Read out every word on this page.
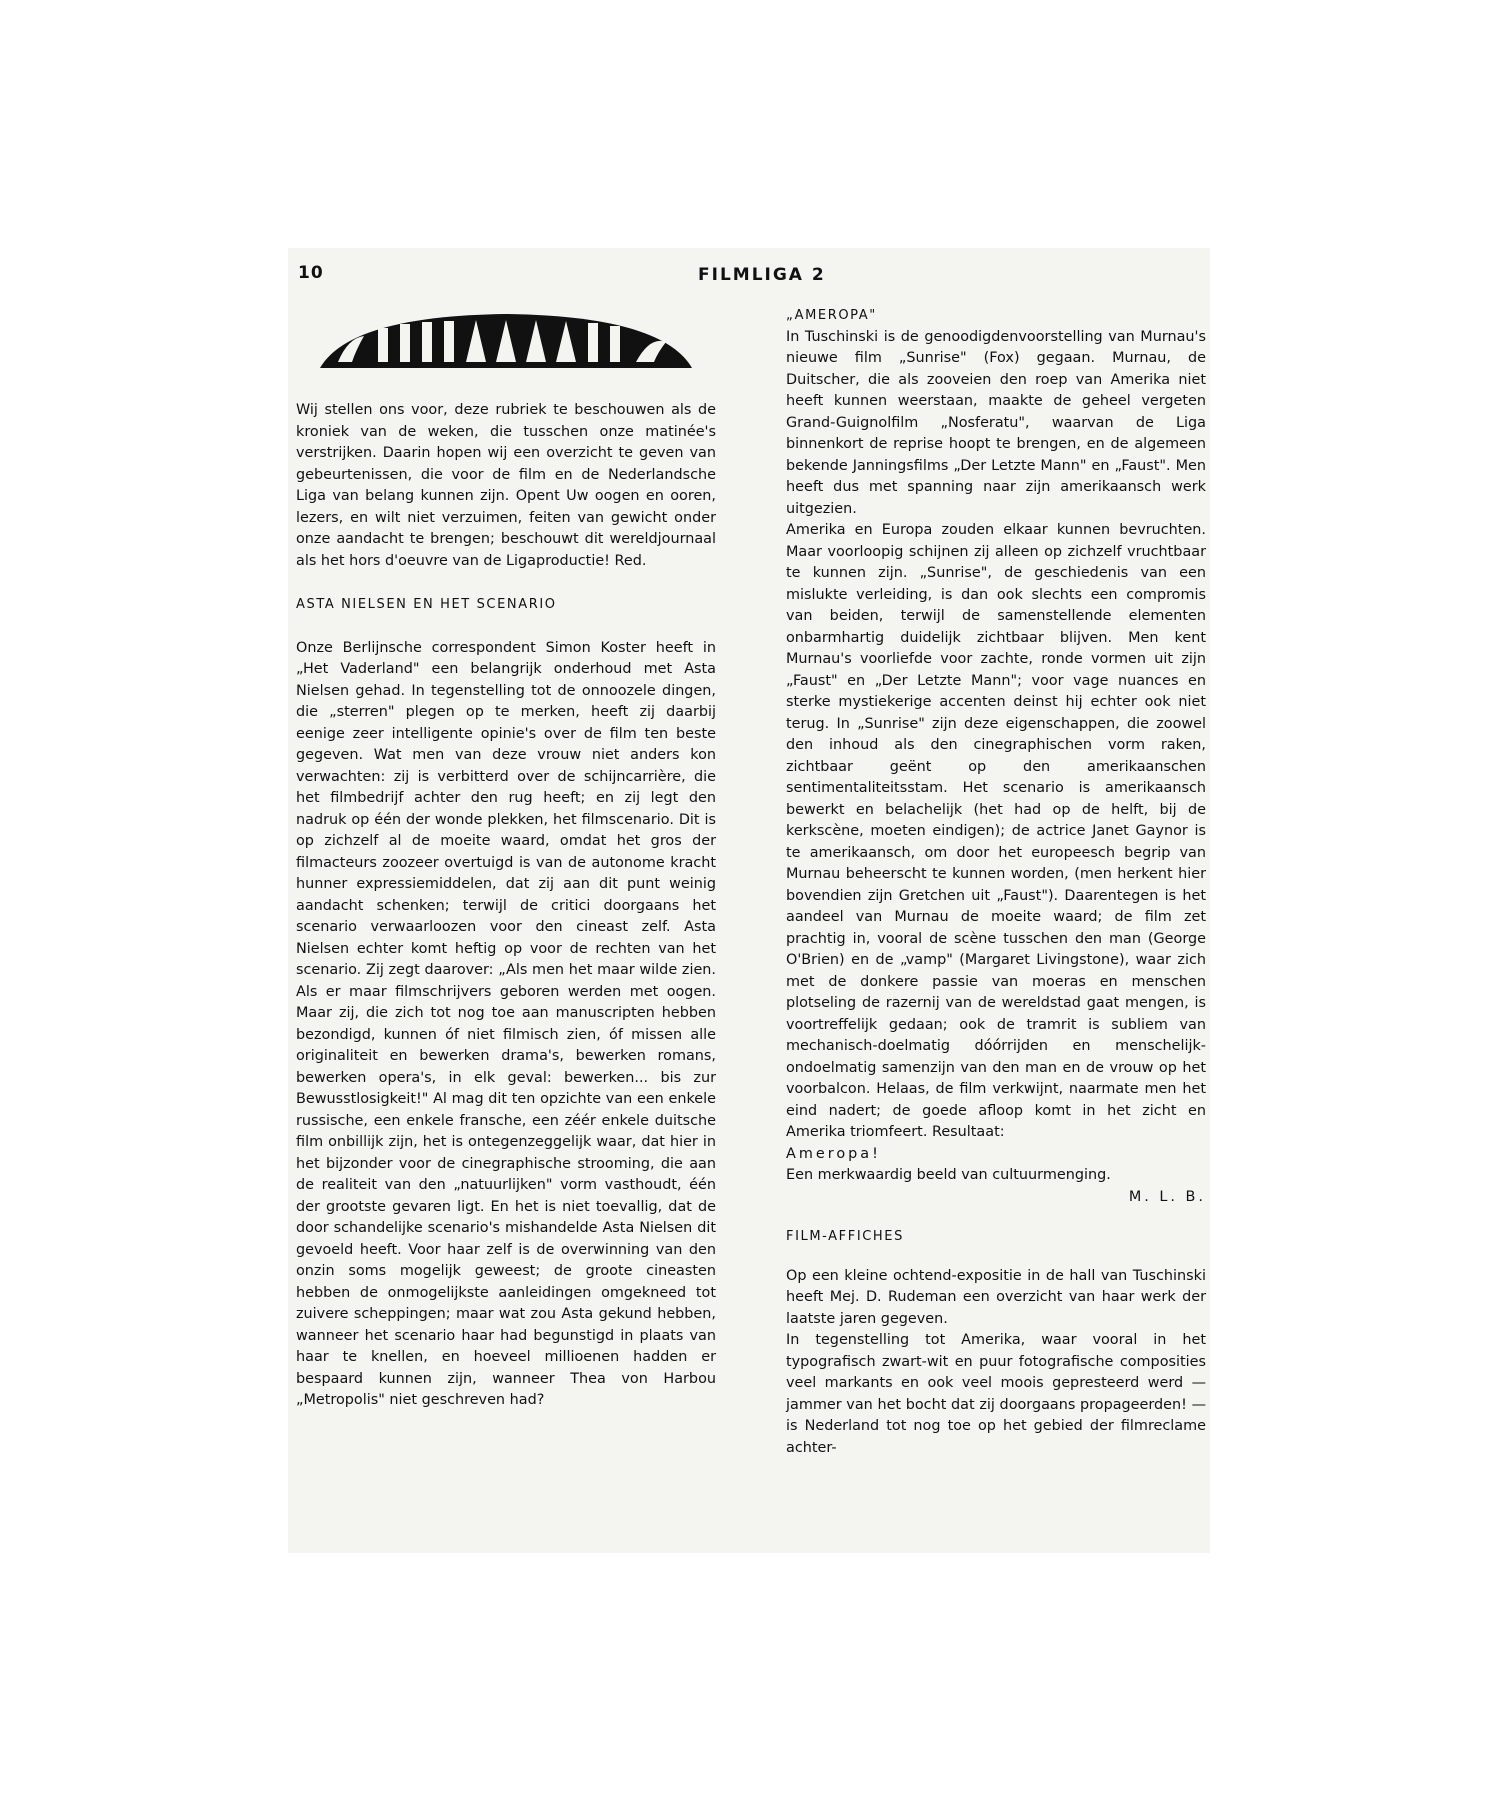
10	FILMLIGA 2

Wij stellen ons voor, deze rubriek te beschouwen als de kroniek van de weken, die tusschen onze matinée's verstrijken. Daarin hopen wij een overzicht te geven van gebeurtenissen, die voor de film en de Nederlandsche Liga van belang kunnen zijn. Opent Uw oogen en ooren, lezers, en wilt niet verzuimen, feiten van gewicht onder onze aandacht te brengen; beschouwt dit wereldjournaal als het hors d'oeuvre van de Ligaproductie! Red.

ASTA NIELSEN EN HET SCENARIO

Onze Berlijnsche correspondent Simon Koster heeft in „Het Vaderland" een belangrijk onderhoud met Asta Nielsen gehad. In tegenstelling tot de onnoozele dingen, die „sterren" plegen op te merken, heeft zij daarbij eenige zeer intelligente opinie's over de film ten beste gegeven. Wat men van deze vrouw niet anders kon verwachten: zij is verbitterd over de schijncarrière, die het filmbedrijf achter den rug heeft; en zij legt den nadruk op één der wonde plekken, het filmscenario. Dit is op zichzelf al de moeite waard, omdat het gros der filmacteurs zoozeer overtuigd is van de autonome kracht hunner expressiemiddelen, dat zij aan dit punt weinig aandacht schenken; terwijl de critici doorgaans het scenario verwaarloozen voor den cineast zelf. Asta Nielsen echter komt heftig op voor de rechten van het scenario. Zij zegt daarover: „Als men het maar wilde zien. Als er maar filmschrijvers geboren werden met oogen. Maar zij, die zich tot nog toe aan manuscripten hebben bezondigd, kunnen óf niet filmisch zien, óf missen alle originaliteit en bewerken drama's, bewerken romans, bewerken opera's, in elk geval: bewerken... bis zur Bewusstlosigkeit!" Al mag dit ten opzichte van een enkele russische, een enkele fransche, een zéér enkele duitsche film onbillijk zijn, het is ontegenzeggelijk waar, dat hier in het bijzonder voor de cinegraphische strooming, die aan de realiteit van den „natuurlijken" vorm vasthoudt, één der grootste gevaren ligt. En het is niet toevallig, dat de door schandelijke scenario's mishandelde Asta Nielsen dit gevoeld heeft. Voor haar zelf is de overwinning van den onzin soms mogelijk geweest; de groote cineasten hebben de onmogelijkste aanleidingen omgekneed tot zuivere scheppingen; maar wat zou Asta gekund hebben, wanneer het scenario haar had begunstigd in plaats van haar te knellen, en hoeveel millioenen hadden er bespaard kunnen zijn, wanneer Thea von Harbou „Metropolis" niet geschreven had?

„AMEROPA"

In Tuschinski is de genoodigdenvoorstelling van Murnau's nieuwe film „Sunrise" (Fox) gegaan. Murnau, de Duitscher, die als zooveien den roep van Amerika niet heeft kunnen weerstaan, maakte de geheel vergeten Grand-Guignolfilm „Nosferatu", waarvan de Liga binnenkort de reprise hoopt te brengen, en de algemeen bekende Janningsfilms „Der Letzte Mann" en „Faust". Men heeft dus met spanning naar zijn amerikaansch werk uitgezien.

Amerika en Europa zouden elkaar kunnen bevruchten. Maar voorloopig schijnen zij alleen op zichzelf vruchtbaar te kunnen zijn. „Sunrise", de geschiedenis van een mislukte verleiding, is dan ook slechts een compromis van beiden, terwijl de samenstellende elementen onbarmhartig duidelijk zichtbaar blijven. Men kent Murnau's voorliefde voor zachte, ronde vormen uit zijn „Faust" en „Der Letzte Mann"; voor vage nuances en sterke mystiekerige accenten deinst hij echter ook niet terug. In „Sunrise" zijn deze eigenschappen, die zoowel den inhoud als den cinegraphischen vorm raken, zichtbaar geënt op den amerikaanschen sentimentaliteitsstam. Het scenario is amerikaansch bewerkt en belachelijk (het had op de helft, bij de kerkscène, moeten eindigen); de actrice Janet Gaynor is te amerikaansch, om door het europeesch begrip van Murnau beheerscht te kunnen worden, (men herkent hier bovendien zijn Gretchen uit „Faust"). Daarentegen is het aandeel van Murnau de moeite waard; de film zet prachtig in, vooral de scène tusschen den man (George O'Brien) en de „vamp" (Margaret Livingstone), waar zich met de donkere passie van moeras en menschen plotseling de razernij van de wereldstad gaat mengen, is voortreffelijk gedaan; ook de tramrit is subliem van mechanisch-doelmatig dóórrijden en menschelijk-ondoelmatig samenzijn van den man en de vrouw op het voorbalcon. Helaas, de film verkwijnt, naarmate men het eind nadert; de goede afloop komt in het zicht en Amerika triomfeert. Resultaat:

Ameropa!

Een merkwaardig beeld van cultuurmenging.

M. L. B.

FILM-AFFICHES

Op een kleine ochtend-expositie in de hall van Tuschinski heeft Mej. D. Rudeman een overzicht van haar werk der laatste jaren gegeven.

In tegenstelling tot Amerika, waar vooral in het typografisch zwart-wit en puur fotografische composities veel markants en ook veel moois gepresteerd werd — jammer van het bocht dat zij doorgaans propageerden! — is Nederland tot nog toe op het gebied der filmreclame achter-
